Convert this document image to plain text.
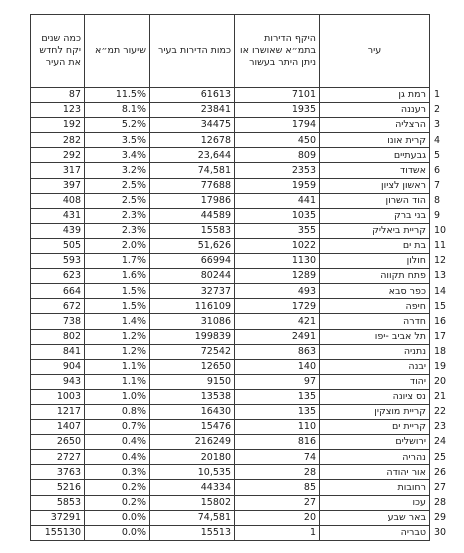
כמה שנים יקח לחדש את העיר	שיעור תמ״א	כמות הדירות בעיר	היקף הדירות בתמ״א שאושרו או ניתן היתר בעשור	עיר	
87	11.5%	61613	7101	רמת גן	1
123	8.1%	23841	1935	רעננה	2
192	5.2%	34475	1794	הרצליה	3
282	3.5%	12678	450	קרית אונו	4
292	3.4%	23,644	809	גבעתיים	5
317	3.2%	74,581	2353	אשדוד	6
397	2.5%	77688	1959	ראשון לציון	7
408	2.5%	17986	441	הוד השרון	8
431	2.3%	44589	1035	בני ברק	9
439	2.3%	15583	355	קריית ביאליק	10
505	2.0%	51,626	1022	בת ים	11
593	1.7%	66994	1130	חולון	12
623	1.6%	80244	1289	פתח תקווה	13
664	1.5%	32737	493	כפר סבא	14
672	1.5%	116109	1729	חיפה	15
738	1.4%	31086	421	חדרה	16
802	1.2%	199839	2491	תל אביב -יפו	17
841	1.2%	72542	863	נתניה	18
904	1.1%	12650	140	יבנה	19
943	1.1%	9150	97	יהוד	20
1003	1.0%	13538	135	נס ציונה	21
1217	0.8%	16430	135	קריית מוצקין	22
1407	0.7%	15476	110	קריית ים	23
2650	0.4%	216249	816	ירושלים	24
2727	0.4%	20180	74	נהריה	25
3763	0.3%	10,535	28	אור יהודה	26
5216	0.2%	44334	85	רחובות	27
5853	0.2%	15802	27	עכו	28
37291	0.0%	74,581	20	באר שבע	29
155130	0.0%	15513	1	טבריה	30
